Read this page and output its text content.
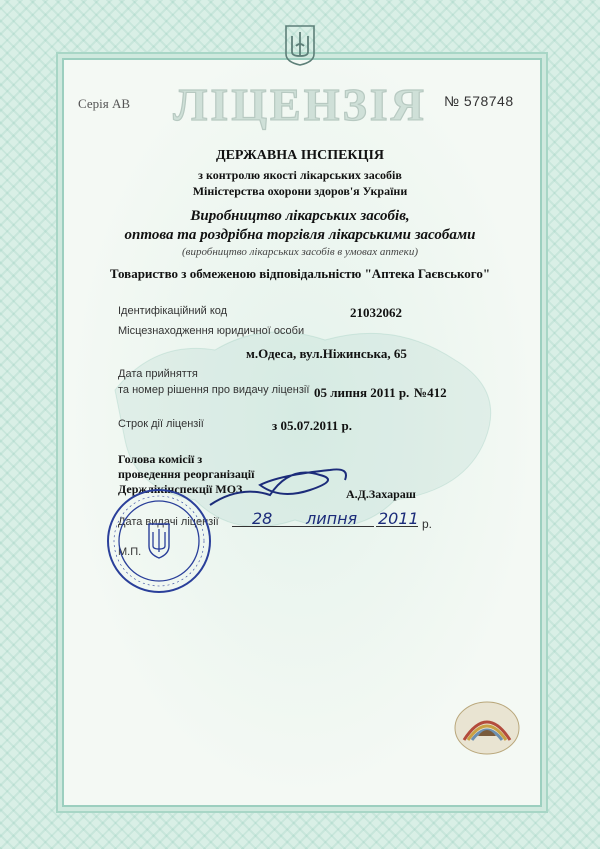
Серія АВ ЛІЦЕНЗІЯ	№ 578748
ДЕРЖАВНА ІНСПЕКЦІЯ
з контролю якості лікарських засобів
Міністерства охорони здоров'я України
Виробництво лікарських засобів,
оптова та роздрібна торгівля лікарськими засобами
(виробництво лікарських засобів в умовах аптеки)
Товариство з обмеженою відповідальністю "Аптека Гаєвського"
Ідентифікаційний код	21032062
Місцезнаходження юридичної особи
м.Одеса, вул.Ніжинська, 65
Дата прийняття
та номер рішення про видачу ліцензії 05 липня 2011 р. №412
Строк дії ліцензії	з 05.07.2011 р.
Голова комісії з
проведення реорганізації
Держлікінспекції МОЗ	А.Д.Захараш
Дата видачі ліцензії 28 липня 2011 р.
М.П.
